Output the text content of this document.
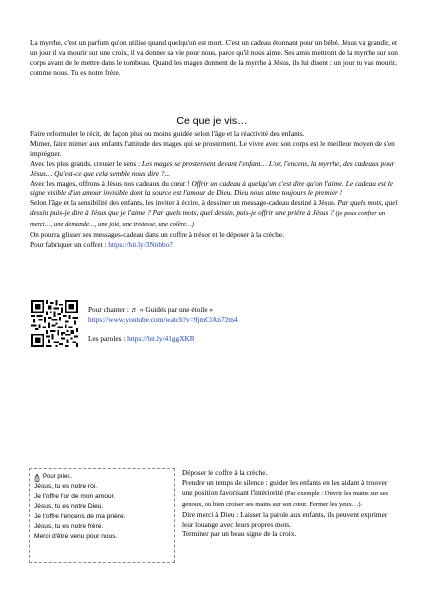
La myrrhe, c'est un parfum qu'on utilise quand quelqu'un est mort. C'est un cadeau étonnant pour un bébé. Jésus va grandir, et un jour il va mourir sur une croix, il va donner sa vie pour nous, parce qu'il nous aime. Ses amis mettront de la myrrhe sur son corps avant de le mettre dans le tombeau. Quand les mages donnent de la myrrhe à Jésus, ils lui disent : un jour tu vas mourir, comme nous. Tu es notre frère.
Ce que je vis…
Faire reformuler le récit, de façon plus ou moins guidée selon l'âge et la réactivité des enfants.
Mimer, faire mimer aux enfants l'attitude des mages qui se prosternent. Le vivre avec son corps est le meilleur moyen de s'en imprégner.
Avec les plus grands, creuser le sens : Les mages se prosternent devant l'enfant… L'or, l'encens, la myrrhe, des cadeaux pour Jésus… Qu'est-ce que cela semble nous dire ?...
Avec les mages, offrons à Jésus nos cadeaux du cœur ! Offrir un cadeau à quelqu'un c'est dire qu'on l'aime. Le cadeau est le signe visible d'un amour invisible dont la source est l'amour de Dieu. Dieu nous aime toujours le premier !
Selon l'âge et la sensibilité des enfants, les inviter à écrire, à dessiner un message-cadeau destiné à Jésus. Par quels mots, quel dessin puis-je dire à Jésus que je l'aime ? Par quels mots, quel dessin, puis-je offrir une prière à Jésus ? (je peux confier un merci…, une demande…, une joie, une tristesse, une colère…)
On pourra glisser ses messages-cadeau dans un coffre à trésor et le déposer à la crèche.
Pour fabriquer un coffret : https://bit.ly/3Nnbbo7
Pour chanter : ♬ « Guidés par une étoile »
https://www.youtube.com/watch?v=9jmClAn72m4
Les paroles : https://bit.ly/41ggXKR
Pour prier..
Jésus, tu es notre roi.
Je t'offre l'or de mon amour.
Jésus, tu es notre Dieu.
Je t'offre l'encens de ma prière.
Jésus, tu es notre frère.
Merci d'être venu pour nous.
Déposer le coffre à la crèche.
Prendre un temps de silence : guider les enfants en les aidant à trouver une position favorisant l'intériorité (Par exemple : Ouvrir les mains sur ses genoux, ou bien croiser ses mains sur son cœur. Fermer les yeux…).
Dire merci à Dieu : Laisser la parole aux enfants, ils peuvent exprimer leur louange avec leurs propres mots.
Terminer par un beau signe de la croix.
